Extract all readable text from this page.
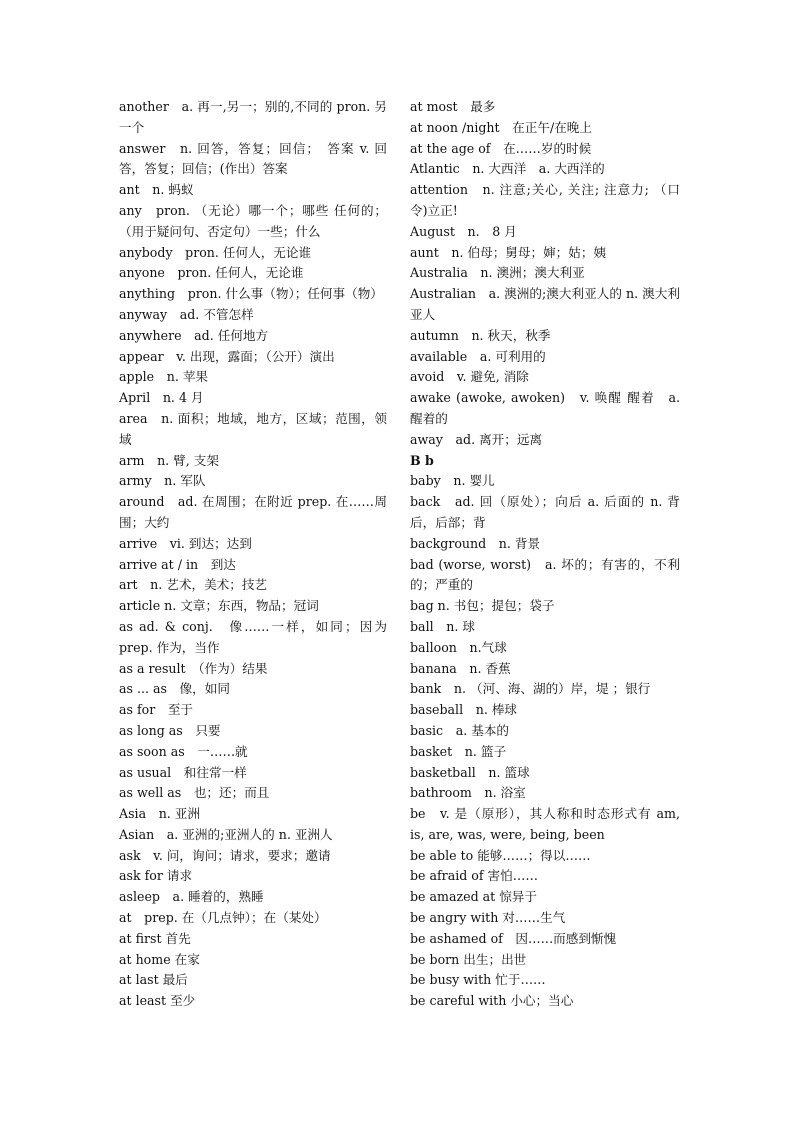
another　a. 再一,另一；别的,不同的 pron. 另一个
answer　n. 回答，答复；回信；　答案 v. 回答，答复；回信；(作出）答案
ant　n. 蚂蚁
any　pron. （无论）哪一个；哪些 任何的；（用于疑问句、否定句）一些；什么
anybody　pron. 任何人，无论谁
anyone　pron. 任何人，无论谁
anything　pron. 什么事（物）；任何事（物）
anyway　ad. 不管怎样
anywhere　ad. 任何地方
appear　v. 出现，露面；（公开）演出
apple　n. 苹果
April　n. 4 月
area　n. 面积；地域，地方，区域；范围，领域
arm　n. 臂, 支架
army　n. 军队
around　ad. 在周围；在附近 prep. 在……周围；大约
arrive　vi. 到达；达到
arrive at / in　到达
art　n. 艺术，美术；技艺
article n. 文章；东西，物品；冠词
as ad. & conj.　像……一样，如同；因为 prep. 作为，当作
as a result　（作为）结果
as ... as　像，如同
as for　至于
as long as　只要
as soon as　一……就
as usual　和往常一样
as well as　也；还；而且
Asia　n. 亚洲
Asian　a. 亚洲的;亚洲人的 n. 亚洲人
ask　v. 问，询问；请求，要求；邀请
ask for 请求
asleep　a. 睡着的，熟睡
at　prep. 在（几点钟）；在（某处）
at first 首先
at home 在家
at last 最后
at least 至少
at most　最多
at noon /night　在正午/在晚上
at the age of　在……岁的时候
Atlantic　n. 大西洋　a. 大西洋的
attention　n. 注意;关心, 关注; 注意力; （口令)立正!
August　n.　8 月
aunt　n. 伯母；舅母；婶；姑；姨
Australia　n. 澳洲；澳大利亚
Australian　a. 澳洲的;澳大利亚人的 n. 澳大利亚人
autumn　n. 秋天，秋季
available　a. 可利用的
avoid　v. 避免, 消除
awake (awoke, awoken)　v. 唤醒 醒着　a. 醒着的
away　ad. 离开；远离
B b
baby　n. 婴儿
back　ad. 回（原处）；向后 a. 后面的 n. 背后，后部；背
background　n. 背景
bad (worse, worst)　a. 坏的；有害的，不利的；严重的
bag n. 书包；提包；袋子
ball　n. 球
balloon　n.气球
banana　n. 香蕉
bank　n. （河、海、湖的）岸，堤 ；银行
baseball　n. 棒球
basic　a. 基本的
basket　n. 篮子
basketball　n. 篮球
bathroom　n. 浴室
be　v. 是（原形），其人称和时态形式有 am, is, are, was, were, being, been
be able to 能够……；得以……
be afraid of 害怕……
be amazed at 惊异于
be angry with 对……生气
be ashamed of　因……而感到惭愧
be born 出生；出世
be busy with 忙于……
be careful with 小心；当心
